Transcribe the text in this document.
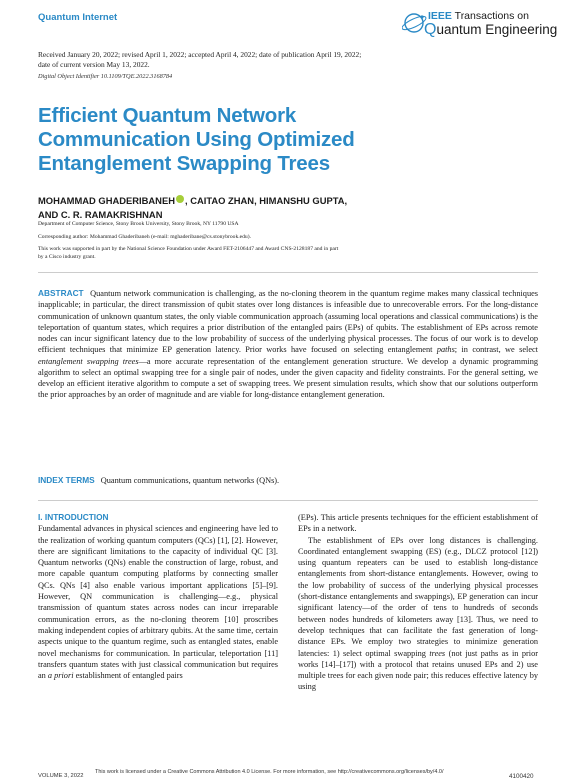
Quantum Internet	IEEE Transactions on
Quantum Engineering
Received January 20, 2022; revised April 1, 2022; accepted April 4, 2022; date of publication April 19, 2022;
date of current version May 13, 2022.
Digital Object Identifier 10.1109/TQE.2022.3168784
Efficient Quantum Network
Communication Using Optimized
Entanglement Swapping Trees
MOHAMMAD GHADERIBANEH , CAITAO ZHAN, HIMANSHU GUPTA,
AND C. R. RAMAKRISHNAN
Department of Computer Science, Stony Brook University, Stony Brook, NY 11790 USA
Corresponding author: Mohammad Ghaderibaneh (e-mail: mghaderibane@cs.stonybrook.edu).
This work was supported in part by the National Science Foundation under Award FET-2106447 and Award CNS-2128187 and in part
by a Cisco industry grant.
ABSTRACT Quantum network communication is challenging, as the no-cloning theorem in the quantum regime makes many classical techniques inapplicable; in particular, the direct transmission of qubit states over long distances is infeasible due to unrecoverable errors. For the long-distance communication of unknown quantum states, the only viable communication approach (assuming local operations and classical communications) is the teleportation of quantum states, which requires a prior distribution of the entangled pairs (EPs) of qubits. The establishment of EPs across remote nodes can incur significant latency due to the low probability of success of the underlying physical processes. The focus of our work is to develop efficient techniques that minimize EP generation latency. Prior works have focused on selecting entanglement paths; in contrast, we select entanglement swapping trees—a more accurate representation of the entanglement generation structure. We develop a dynamic programming algorithm to select an optimal swapping tree for a single pair of nodes, under the given capacity and fidelity constraints. For the general setting, we develop an efficient iterative algorithm to compute a set of swapping trees. We present simulation results, which show that our solutions outperform the prior approaches by an order of magnitude and are viable for long-distance entanglement generation.
INDEX TERMS Quantum communications, quantum networks (QNs).
I. INTRODUCTION

Fundamental advances in physical sciences and engineering have led to the realization of working quantum computers (QCs) [1], [2]. However, there are significant limitations to the capacity of individual QC [3]. Quantum networks (QNs) enable the construction of large, robust, and more capable quantum computing platforms by connecting smaller QCs. QNs [4] also enable various important applications [5]–[9]. However, QN communication is challenging—e.g., physical transmission of quantum states across nodes can incur irreparable communication errors, as the no-cloning theorem [10] proscribes making independent copies of arbitrary qubits. At the same time, certain aspects unique to the quantum regime, such as entangled states, enable novel mechanisms for communication. In particular, teleportation [11] transfers quantum states with just classical communication but requires an a priori establishment of entangled pairs

(EPs). This article presents techniques for the efficient establishment of EPs in a network.

The establishment of EPs over long distances is challenging. Coordinated entanglement swapping (ES) (e.g., DLCZ protocol [12]) using quantum repeaters can be used to establish long-distance entanglements from short-distance entanglements. However, owing to the low probability of success of the underlying physical processes (short-distance entanglements and swappings), EP generation can incur significant latency—of the order of tens to hundreds of seconds between nodes hundreds of kilometers away [13]. Thus, we need to develop techniques that can facilitate the fast generation of long-distance EPs. We employ two strategies to minimize generation latencies: 1) select optimal swapping trees (not just paths as in prior works [14]–[17]) with a protocol that retains unused EPs and 2) use multiple trees for each given node pair; this reduces effective latency by using

VOLUME 3, 2022
This work is licensed under a Creative Commons Attribution 4.0 License. For more information, see http://creativecommons.org/licenses/by/4.0/
4100420
